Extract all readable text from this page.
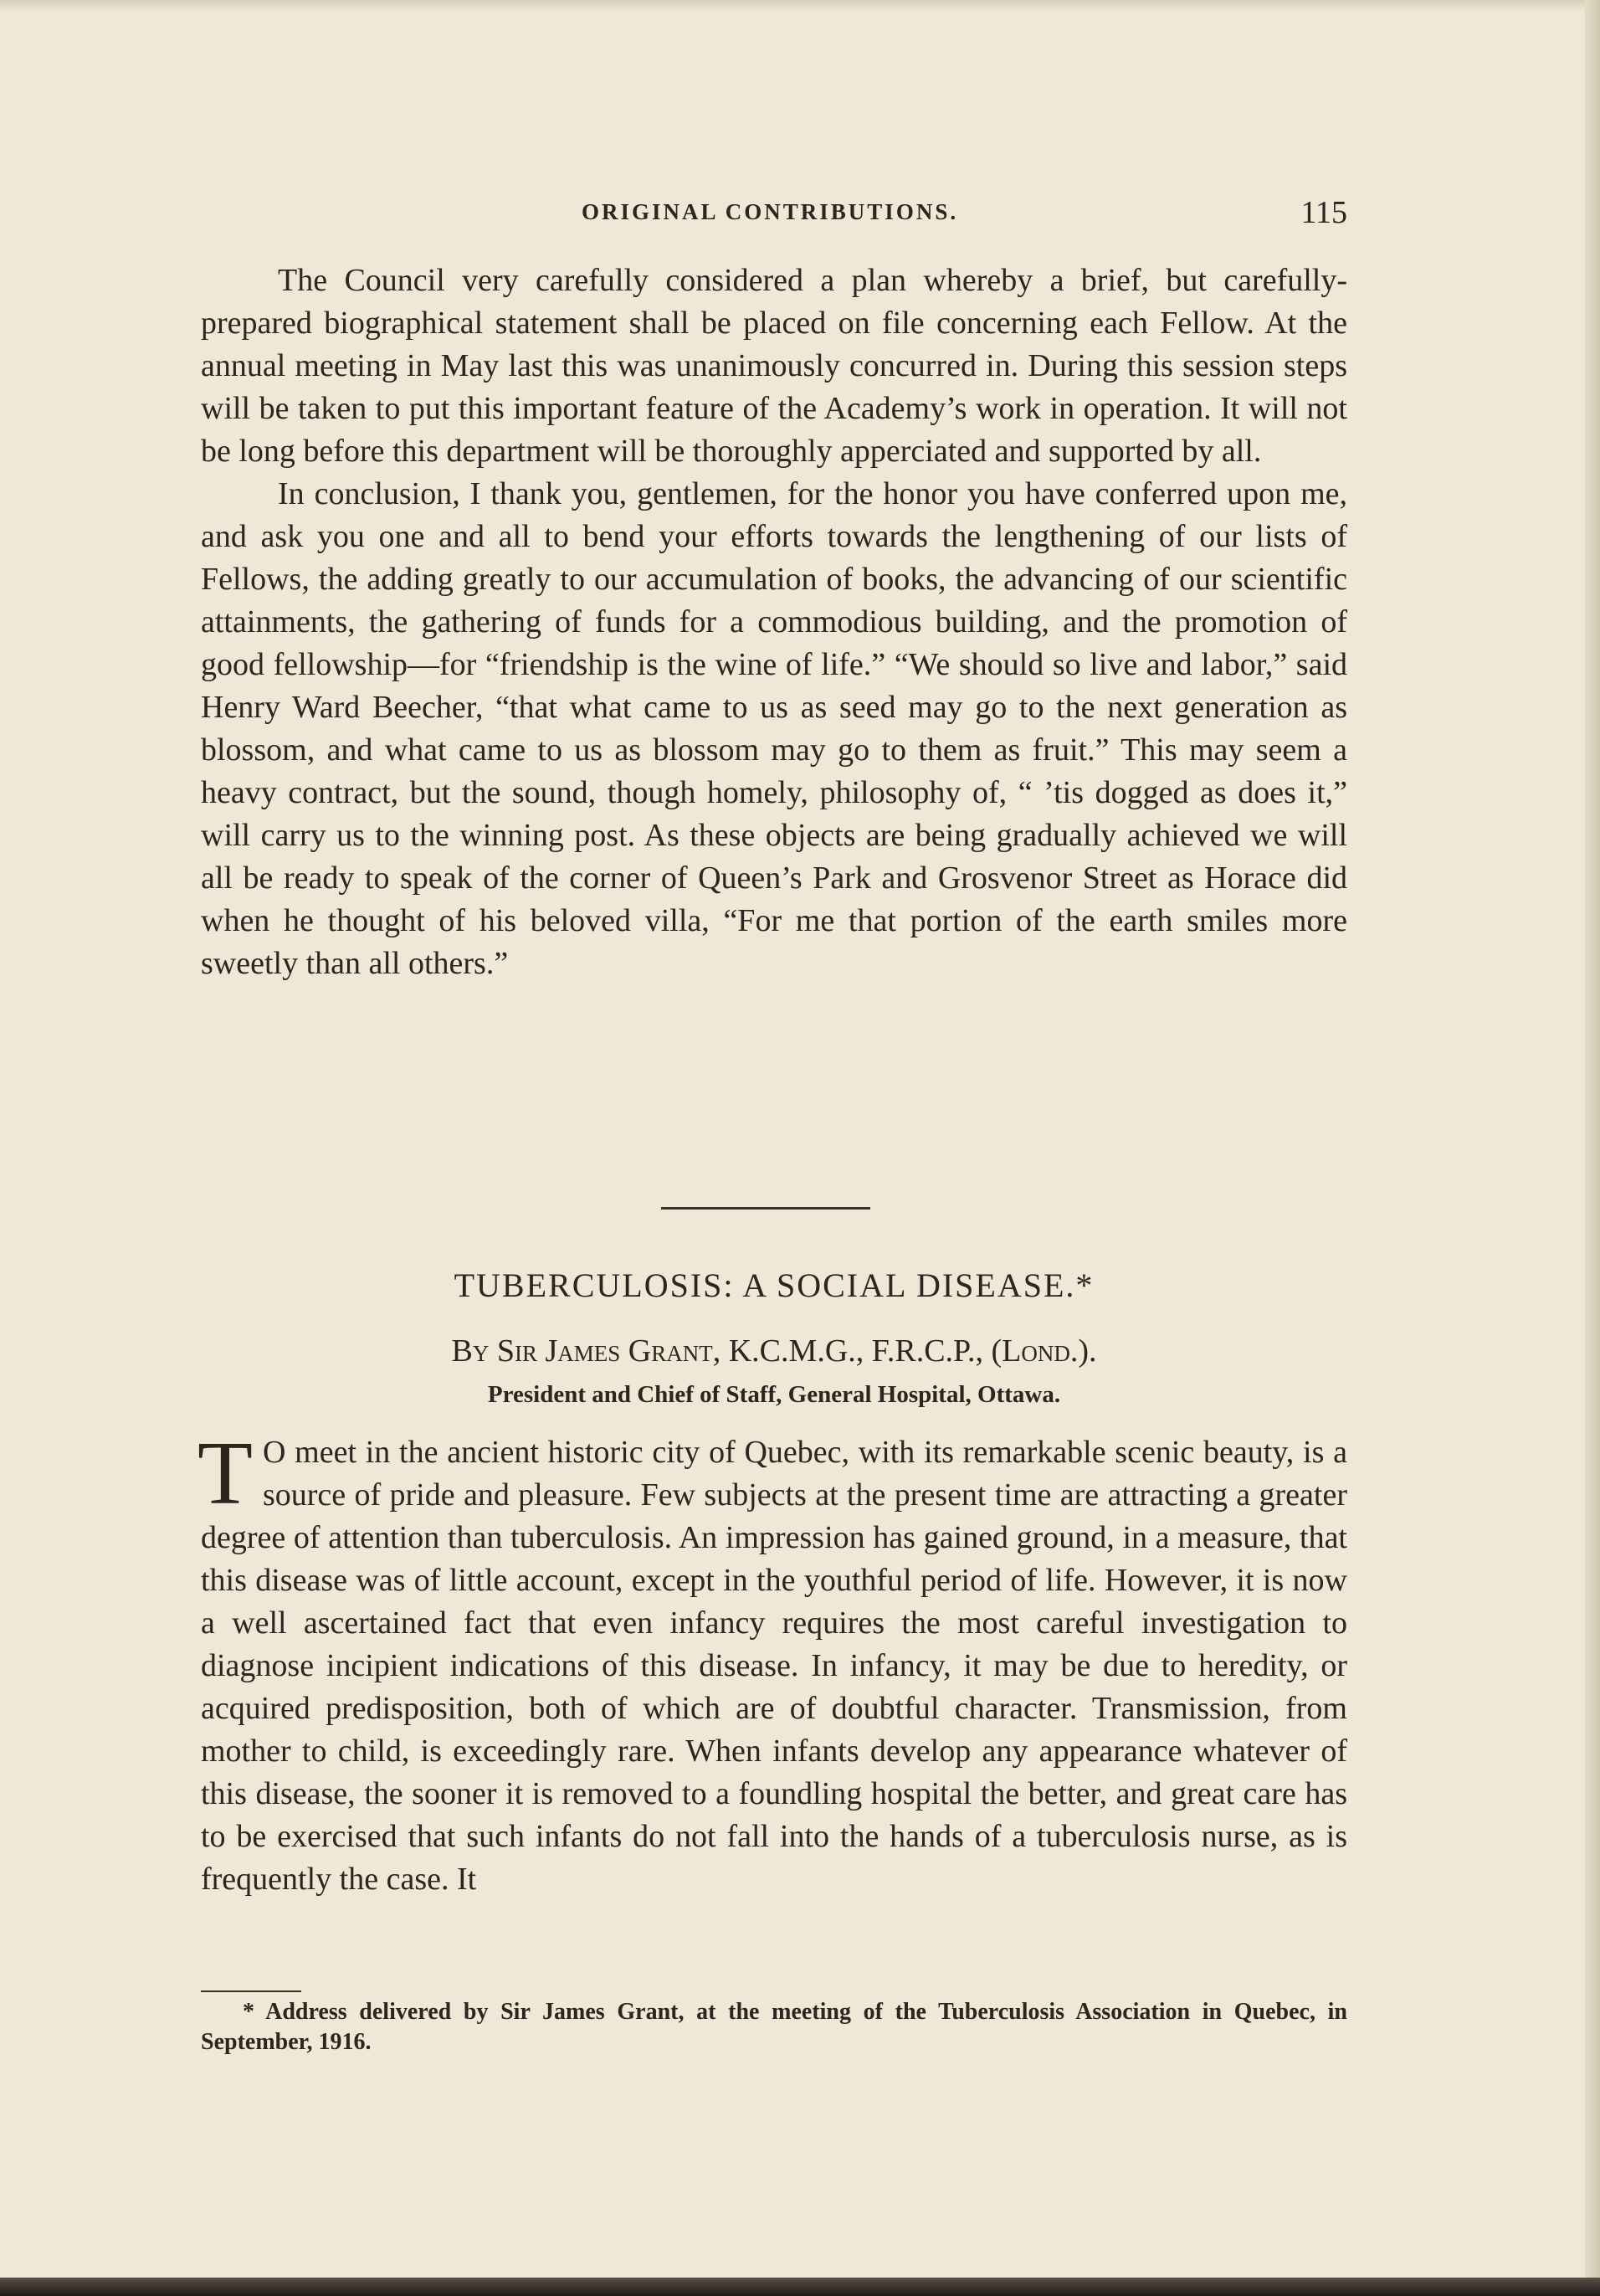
ORIGINAL CONTRIBUTIONS.	115

The Council very carefully considered a plan whereby a brief, but carefully-prepared biographical statement shall be placed on file concerning each Fellow. At the annual meeting in May last this was unanimously concurred in. During this session steps will be taken to put this important feature of the Academy’s work in operation. It will not be long before this department will be thoroughly apperciated and supported by all.

In conclusion, I thank you, gentlemen, for the honor you have conferred upon me, and ask you one and all to bend your efforts towards the lengthening of our lists of Fellows, the adding greatly to our accumulation of books, the advancing of our scientific attainments, the gathering of funds for a commodious building, and the promotion of good fellowship—for “friendship is the wine of life.” “We should so live and labor,” said Henry Ward Beecher, “that what came to us as seed may go to the next generation as blossom, and what came to us as blossom may go to them as fruit.” This may seem a heavy contract, but the sound, though homely, philosophy of, “ ’tis dogged as does it,” will carry us to the winning post. As these objects are being gradually achieved we will all be ready to speak of the corner of Queen’s Park and Grosvenor Street as Horace did when he thought of his beloved villa, “For me that portion of the earth smiles more sweetly than all others.”

TUBERCULOSIS: A SOCIAL DISEASE.*
By Sir James Grant, K.C.M.G., F.R.C.P., (Lond.).
President and Chief of Staff, General Hospital, Ottawa.

T O meet in the ancient historic city of Quebec, with its remarkable scenic beauty, is a source of pride and pleasure. Few subjects at the present time are attracting a greater degree of attention than tuberculosis. An impression has gained ground, in a measure, that this disease was of little account, except in the youthful period of life. However, it is now a well ascertained fact that even infancy requires the most careful investigation to diagnose incipient indications of this disease. In infancy, it may be due to heredity, or acquired predisposition, both of which are of doubtful character. Transmission, from mother to child, is exceedingly rare. When infants develop any appearance whatever of this disease, the sooner it is removed to a foundling hospital the better, and great care has to be exercised that such infants do not fall into the hands of a tuberculosis nurse, as is frequently the case. It

* Address delivered by Sir James Grant, at the meeting of the Tuberculosis Association in Quebec, in September, 1916.
